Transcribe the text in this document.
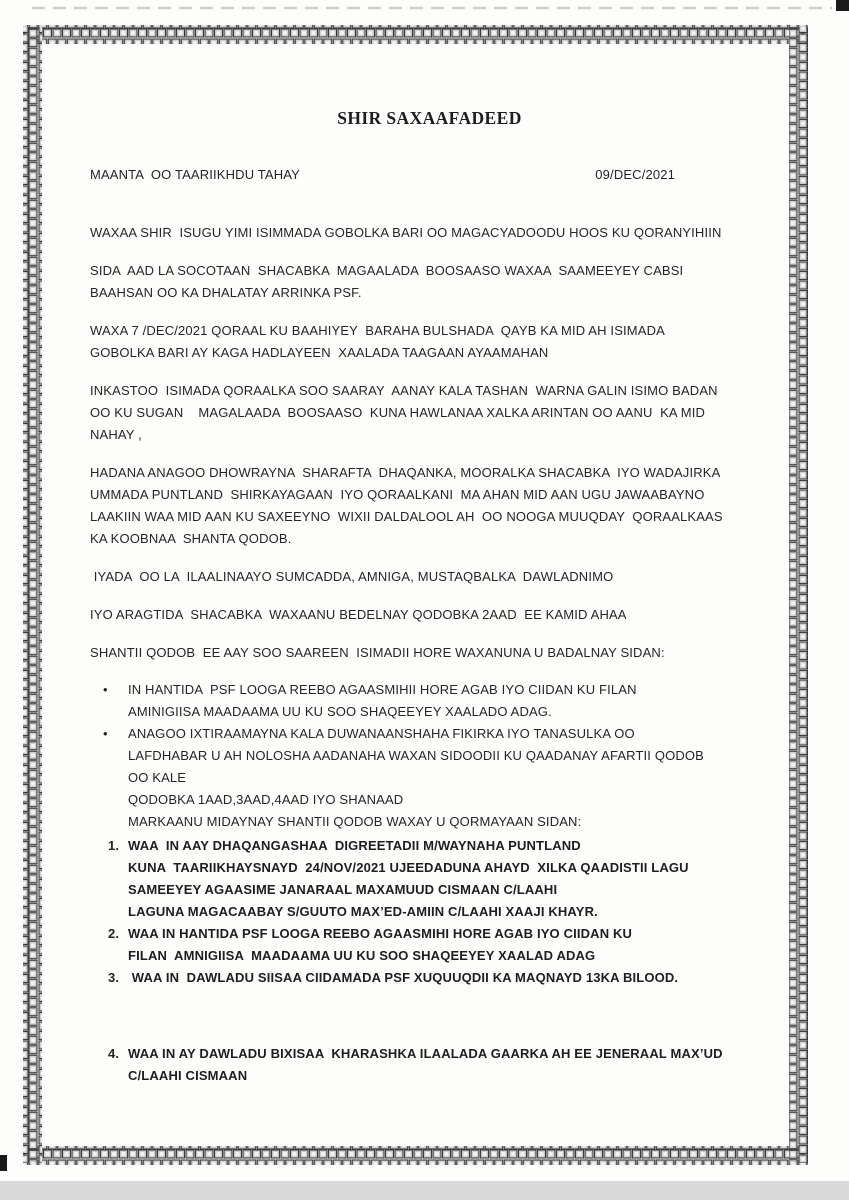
SHIR SAXAAFADEED
MAANTA  OO TAARIIKHDU TAHAY	09/DEC/2021
WAXAA SHIR  ISUGU YIMI ISIMMADA GOBOLKA BARI OO MAGACYADOODU HOOS KU QORANYIHIIN
SIDA  AAD LA SOCOTAAN  SHACABKA  MAGAALADA  BOOSAASO WAXAA  SAAMEEYEY CABSI
BAAHSAN OO KA DHALATAY ARRINKA PSF.
WAXA 7 /DEC/2021 QORAAL KU BAAHIYEY  BARAHA BULSHADA  QAYB KA MID AH ISIMADA
GOBOLKA BARI AY KAGA HADLAYEEN  XAALADA TAAGAAN AYAAMAHAN
INKASTOO  ISIMADA QORAALKA SOO SAARAY  AANAY KALA TASHAN  WARNA GALIN ISIMO BADAN
OO KU SUGAN    MAGALAADA  BOOSAASO  KUNA HAWLANAA XALKA ARINTAN OO AANU  KA MID
NAHAY ,
HADANA ANAGOO DHOWRAYNA  SHARAFTA  DHAQANKA, MOORALKA SHACABKA  IYO WADAJIRKA
UMMADA PUNTLAND  SHIRKAYAGAAN  IYO QORAALKANI  MA AHAN MID AAN UGU JAWAABAYNO
LAAKIIN WAA MID AAN KU SAXEEYNO  WIXII DALDALOOL AH  OO NOOGA MUUQDAY  QORAALKAAS
KA KOOBNAA  SHANTA QODOB.
IYADA  OO LA  ILAALINAAYO SUMCADDA, AMNIGA, MUSTAQBALKA  DAWLADNIMO
IYO ARAGTIDA  SHACABKA  WAXAANU BEDELNAY QODOBKA 2AAD  EE KAMID AHAA
SHANTII QODOB  EE AAY SOO SAAREEN  ISIMADII HORE WAXANUNA U BADALNAY SIDAN:
•	IN HANTIDA  PSF LOOGA REEBO AGAASMIHII HORE AGAB IYO CIIDAN KU FILAN
AMINIGIISA MAADAAMA UU KU SOO SHAQEEYEY XAALADO ADAG.
•	ANAGOO IXTIRAAMAYNA KALA DUWANAANSHAHA FIKIRKA IYO TANASULKA OO
LAFDHABAR U AH NOLOSHA AADANAHA WAXAN SIDOODII KU QAADANAY AFARTII QODOB
OO KALE
QODOBKA 1AAD,3AAD,4AAD IYO SHANAAD
MARKAANU MIDAYNAY SHANTII QODOB WAXAY U QORMAYAAN SIDAN:
1. WAA  IN AAY DHAQANGASHAA  DIGREETADII M/WAYNAHA PUNTLAND
KUNA  TAARIIKHAYSNAYD  24/NOV/2021 UJEEDADUNA AHAYD  XILKA QAADISTII LAGU
SAMEEYEY AGAASIME JANARAAL MAXAMUUD CISMAAN C/LAAHI
LAGUNA MAGACAABAY S/GUUTO MAX’ED-AMIIN C/LAAHI XAAJI KHAYR.
2. WAA IN HANTIDA PSF LOOGA REEBO AGAASMIHI HORE AGAB IYO CIIDAN KU
FILAN  AMNIGIISA  MAADAAMA UU KU SOO SHAQEEYEY XAALAD ADAG
3. WAA IN  DAWLADU SIISAA CIIDAMADA PSF XUQUUQDII KA MAQNAYD 13KA BILOOD.
4. WAA IN AY DAWLADU BIXISAA  KHARASHKA ILAALADA GAARKA AH EE JENERAAL MAX’UD
C/LAAHI CISMAAN
